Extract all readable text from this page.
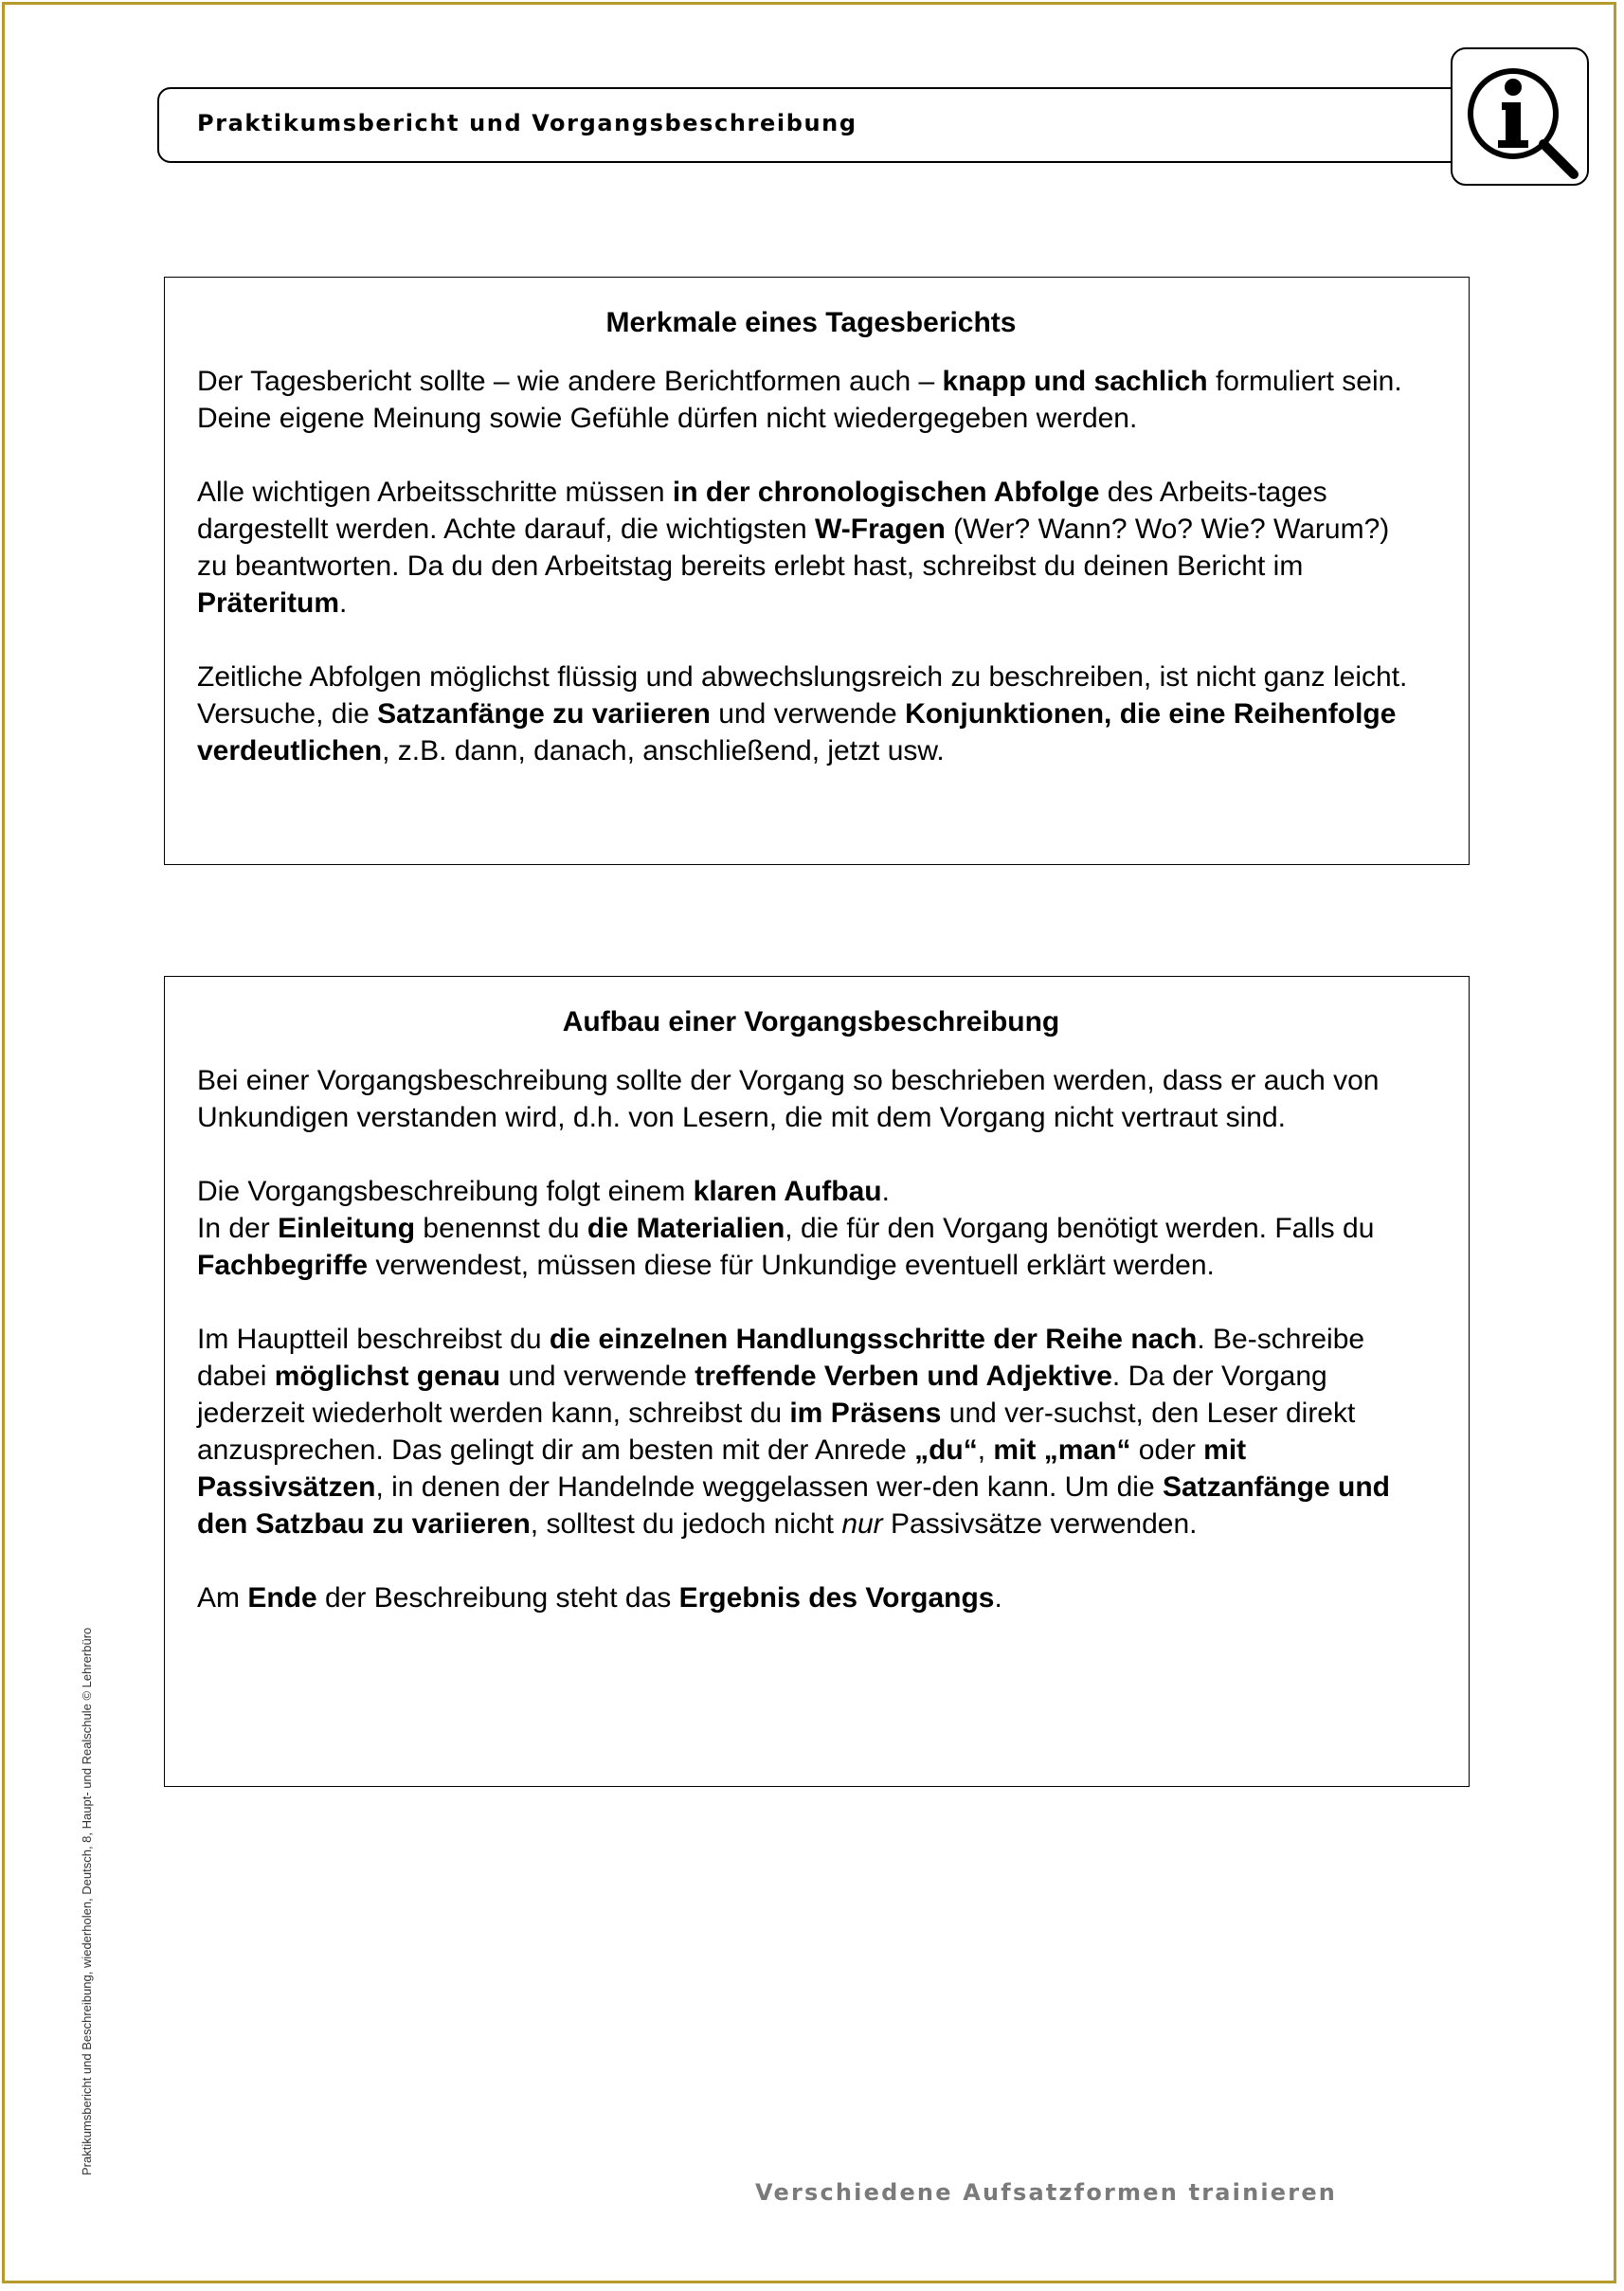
Praktikumsbericht und Vorgangsbeschreibung
Merkmale eines Tagesberichts

Der Tagesbericht sollte – wie andere Berichtformen auch – knapp und sachlich formuliert sein. Deine eigene Meinung sowie Gefühle dürfen nicht wiedergegeben werden.

Alle wichtigen Arbeitsschritte müssen in der chronologischen Abfolge des Arbeits-tages dargestellt werden. Achte darauf, die wichtigsten W-Fragen (Wer? Wann? Wo? Wie? Warum?) zu beantworten. Da du den Arbeitstag bereits erlebt hast, schreibst du deinen Bericht im Präteritum.

Zeitliche Abfolgen möglichst flüssig und abwechslungsreich zu beschreiben, ist nicht ganz leicht. Versuche, die Satzanfänge zu variieren und verwende Konjunktionen, die eine Reihenfolge verdeutlichen, z.B. dann, danach, anschließend, jetzt usw.

Aufbau einer Vorgangsbeschreibung

Bei einer Vorgangsbeschreibung sollte der Vorgang so beschrieben werden, dass er auch von Unkundigen verstanden wird, d.h. von Lesern, die mit dem Vorgang nicht vertraut sind.

Die Vorgangsbeschreibung folgt einem klaren Aufbau.
In der Einleitung benennst du die Materialien, die für den Vorgang benötigt werden. Falls du Fachbegriffe verwendest, müssen diese für Unkundige eventuell erklärt werden.

Im Hauptteil beschreibst du die einzelnen Handlungsschritte der Reihe nach. Be-schreibe dabei möglichst genau und verwende treffende Verben und Adjektive. Da der Vorgang jederzeit wiederholt werden kann, schreibst du im Präsens und ver-suchst, den Leser direkt anzusprechen. Das gelingt dir am besten mit der Anrede „du“, mit „man“ oder mit Passivsätzen, in denen der Handelnde weggelassen wer-den kann. Um die Satzanfänge und den Satzbau zu variieren, solltest du jedoch nicht nur Passivsätze verwenden.

Am Ende der Beschreibung steht das Ergebnis des Vorgangs.

Praktikumsbericht und Beschreibung, wiederholen, Deutsch, 8, Haupt- und Realschule © Lehrerbüro
Verschiedene Aufsatzformen trainieren
